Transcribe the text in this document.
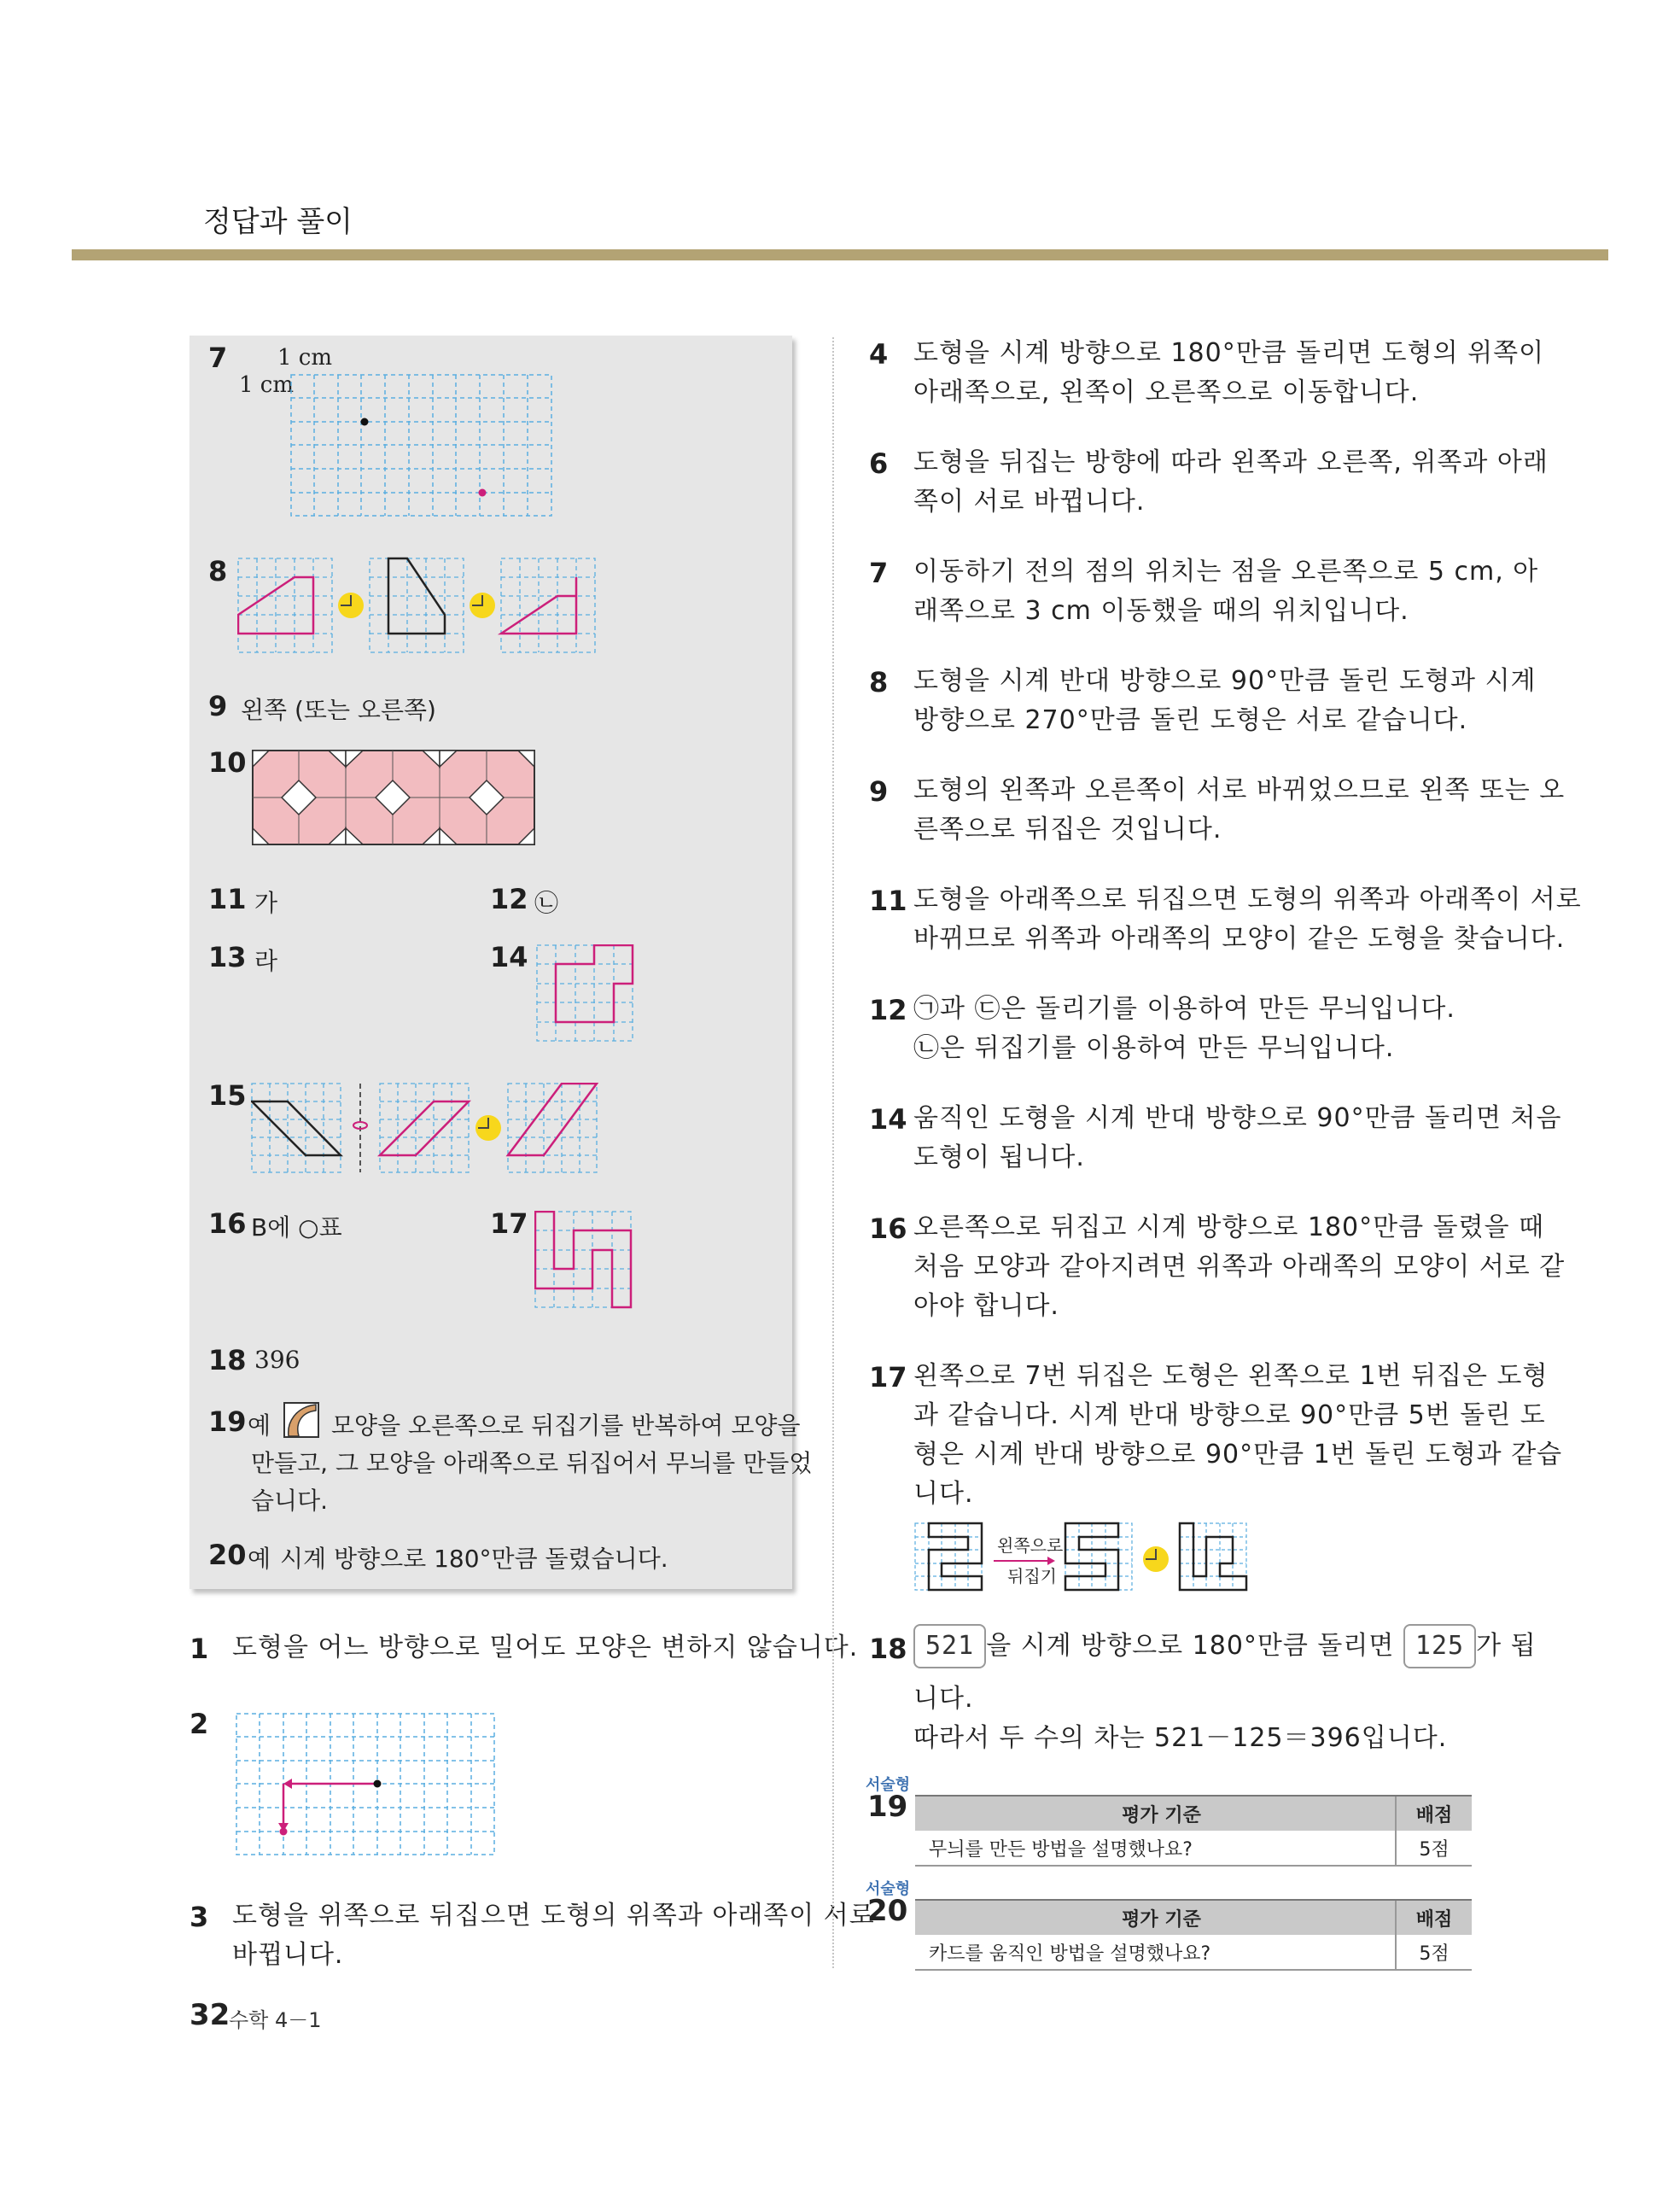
정답과 풀이
7 1 cm
1 cm
8
9 왼쪽 (또는 오른쪽)
10
11 가	12 ㉡
13 라	14
15
16 B에 ○표	17
18 396
19 예	모양을 오른쪽으로 뒤집기를 반복하여 모양을
만들고, 그 모양을 아래쪽으로 뒤집어서 무늬를 만들었
습니다.
20 예 시계 방향으로 180°만큼 돌렸습니다.
1 도형을 어느 방향으로 밀어도 모양은 변하지 않습니다.
2
3 도형을 위쪽으로 뒤집으면 도형의 위쪽과 아래쪽이 서로
바뀝니다.
4 도형을 시계 방향으로 180°만큼 돌리면 도형의 위쪽이
아래쪽으로, 왼쪽이 오른쪽으로 이동합니다.
6 도형을 뒤집는 방향에 따라 왼쪽과 오른쪽, 위쪽과 아래
쪽이 서로 바뀝니다.
7 이동하기 전의 점의 위치는 점을 오른쪽으로 5 cm, 아
래쪽으로 3 cm 이동했을 때의 위치입니다.
8 도형을 시계 반대 방향으로 90°만큼 돌린 도형과 시계
방향으로 270°만큼 돌린 도형은 서로 같습니다.
9 도형의 왼쪽과 오른쪽이 서로 바뀌었으므로 왼쪽 또는 오
른쪽으로 뒤집은 것입니다.
11 도형을 아래쪽으로 뒤집으면 도형의 위쪽과 아래쪽이 서로
바뀌므로 위쪽과 아래쪽의 모양이 같은 도형을 찾습니다.
12 ㉠과 ㉢은 돌리기를 이용하여 만든 무늬입니다.
㉡은 뒤집기를 이용하여 만든 무늬입니다.
14 움직인 도형을 시계 반대 방향으로 90°만큼 돌리면 처음
도형이 됩니다.
16 오른쪽으로 뒤집고 시계 방향으로 180°만큼 돌렸을 때
처음 모양과 같아지려면 위쪽과 아래쪽의 모양이 서로 같
아야 합니다.
17 왼쪽으로 7번 뒤집은 도형은 왼쪽으로 1번 뒤집은 도형
과 같습니다. 시계 반대 방향으로 90°만큼 5번 돌린 도
형은 시계 반대 방향으로 90°만큼 1번 돌린 도형과 같습
니다.
왼쪽으로
뒤집기
18 521 을 시계 방향으로 180°만큼 돌리면 125 가 됩
니다.
따라서 두 수의 차는 521－125＝396입니다.
서술형
19	평가 기준	배점
무늬를 만든 방법을 설명했나요?	5점
서술형
20	평가 기준	배점
카드를 움직인 방법을 설명했나요?	5점
32
수학 4－1
